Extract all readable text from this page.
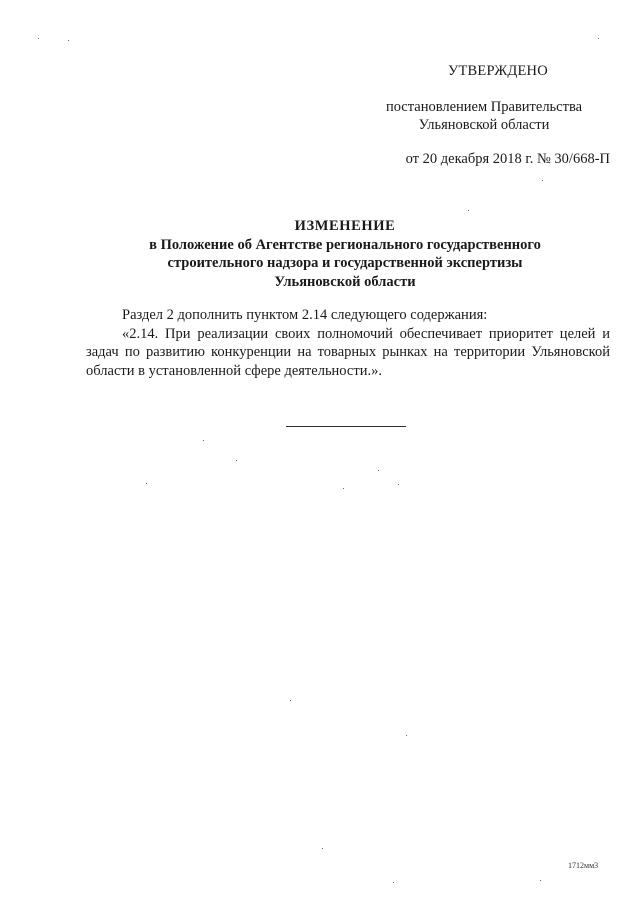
УТВЕРЖДЕНО
постановлением Правительства
Ульяновской области
от 20 декабря 2018 г. № 30/668-П
ИЗМЕНЕНИЕ
в Положение об Агентстве регионального государственного
строительного надзора и государственной экспертизы
Ульяновской области

Раздел 2 дополнить пунктом 2.14 следующего содержания:

«2.14. При реализации своих полномочий обеспечивает приоритет целей и задач по развитию конкуренции на товарных рынках на территории Ульяновской области в установленной сфере деятельности.».

1712мм3
